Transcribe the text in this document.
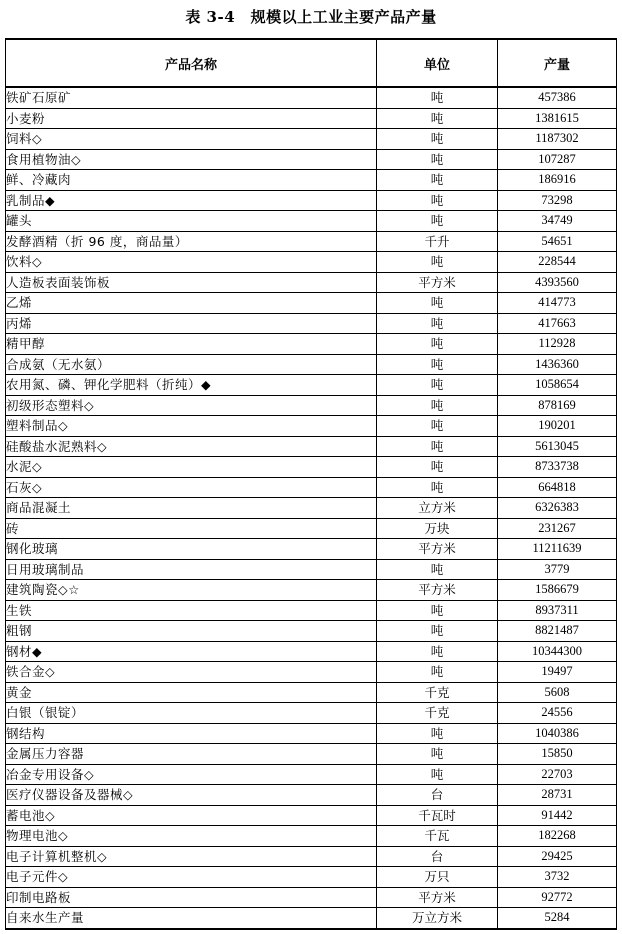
表 3-4　规模以上工业主要产品产量
产品名称	单位	产量
铁矿石原矿	吨	457386
小麦粉	吨	1381615
饲料◇	吨	1187302
食用植物油◇	吨	107287
鲜、冷藏肉	吨	186916
乳制品◆	吨	73298
罐头	吨	34749
发酵酒精（折 96 度，商品量）	千升	54651
饮料◇	吨	228544
人造板表面装饰板	平方米	4393560
乙烯	吨	414773
丙烯	吨	417663
精甲醇	吨	112928
合成氨（无水氨）	吨	1436360
农用氮、磷、钾化学肥料（折纯）◆	吨	1058654
初级形态塑料◇	吨	878169
塑料制品◇	吨	190201
硅酸盐水泥熟料◇	吨	5613045
水泥◇	吨	8733738
石灰◇	吨	664818
商品混凝土	立方米	6326383
砖	万块	231267
钢化玻璃	平方米	11211639
日用玻璃制品	吨	3779
建筑陶瓷◇☆	平方米	1586679
生铁	吨	8937311
粗钢	吨	8821487
钢材◆	吨	10344300
铁合金◇	吨	19497
黄金	千克	5608
白银（银锭）	千克	24556
钢结构	吨	1040386
金属压力容器	吨	15850
冶金专用设备◇	吨	22703
医疗仪器设备及器械◇	台	28731
蓄电池◇	千瓦时	91442
物理电池◇	千瓦	182268
电子计算机整机◇	台	29425
电子元件◇	万只	3732
印制电路板	平方米	92772
自来水生产量	万立方米	5284
